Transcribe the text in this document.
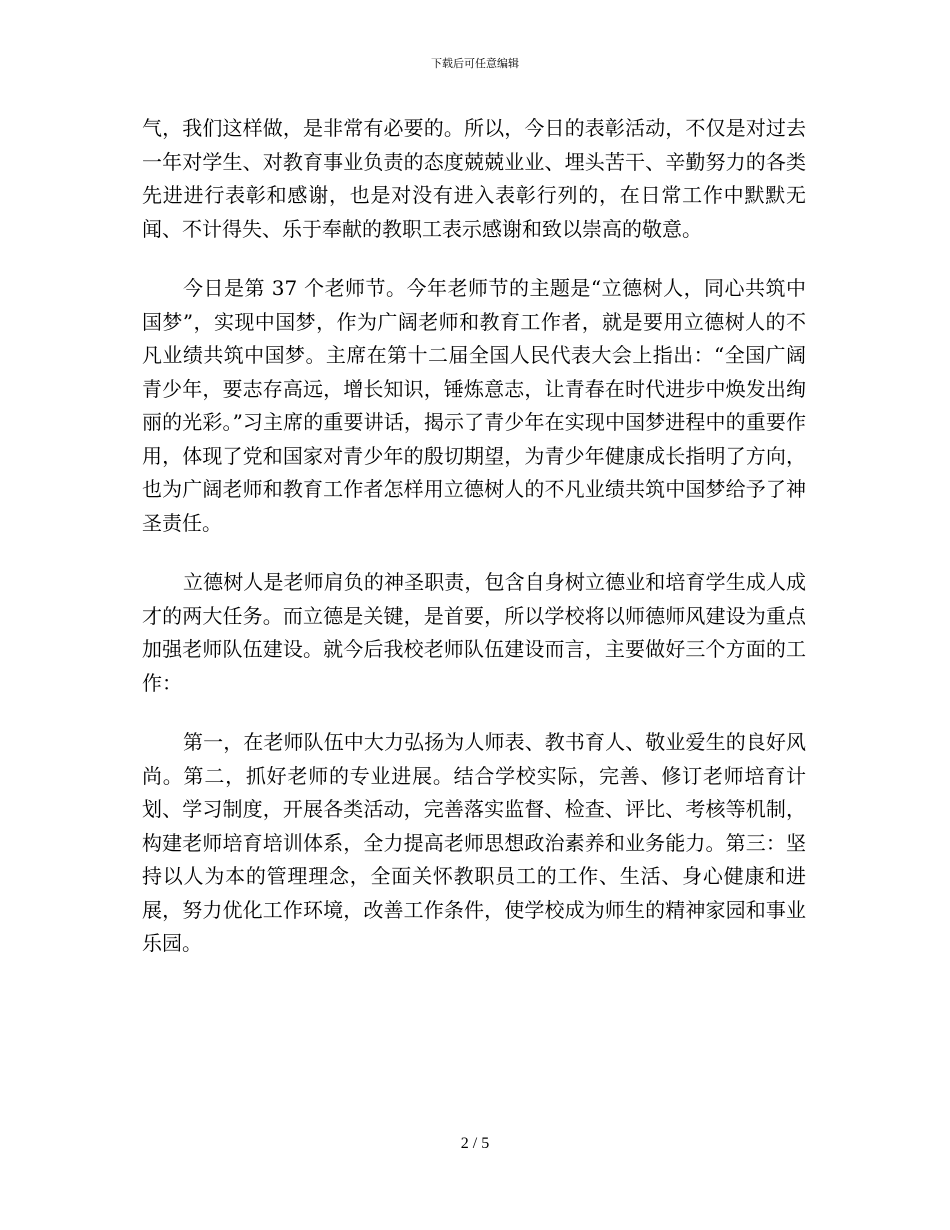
下载后可任意编辑

气，我们这样做，是非常有必要的。所以，今日的表彰活动，不仅是对过去一年对学生、对教育事业负责的态度兢兢业业、埋头苦干、辛勤努力的各类先进进行表彰和感谢，也是对没有进入表彰行列的，在日常工作中默默无闻、不计得失、乐于奉献的教职工表示感谢和致以崇高的敬意。

今日是第 37 个老师节。今年老师节的主题是“立德树人，同心共筑中国梦”，实现中国梦，作为广阔老师和教育工作者，就是要用立德树人的不凡业绩共筑中国梦。主席在第十二届全国人民代表大会上指出：“全国广阔青少年，要志存高远，增长知识，锤炼意志，让青春在时代进步中焕发出绚丽的光彩。”习主席的重要讲话，揭示了青少年在实现中国梦进程中的重要作用，体现了党和国家对青少年的殷切期望，为青少年健康成长指明了方向，也为广阔老师和教育工作者怎样用立德树人的不凡业绩共筑中国梦给予了神圣责任。

立德树人是老师肩负的神圣职责，包含自身树立德业和培育学生成人成才的两大任务。而立德是关键，是首要，所以学校将以师德师风建设为重点加强老师队伍建设。就今后我校老师队伍建设而言，主要做好三个方面的工作：

第一，在老师队伍中大力弘扬为人师表、教书育人、敬业爱生的良好风尚。第二，抓好老师的专业进展。结合学校实际，完善、修订老师培育计划、学习制度，开展各类活动，完善落实监督、检查、评比、考核等机制，构建老师培育培训体系，全力提高老师思想政治素养和业务能力。第三：坚持以人为本的管理理念，全面关怀教职员工的工作、生活、身心健康和进展，努力优化工作环境，改善工作条件，使学校成为师生的精神家园和事业乐园。

2 / 5
